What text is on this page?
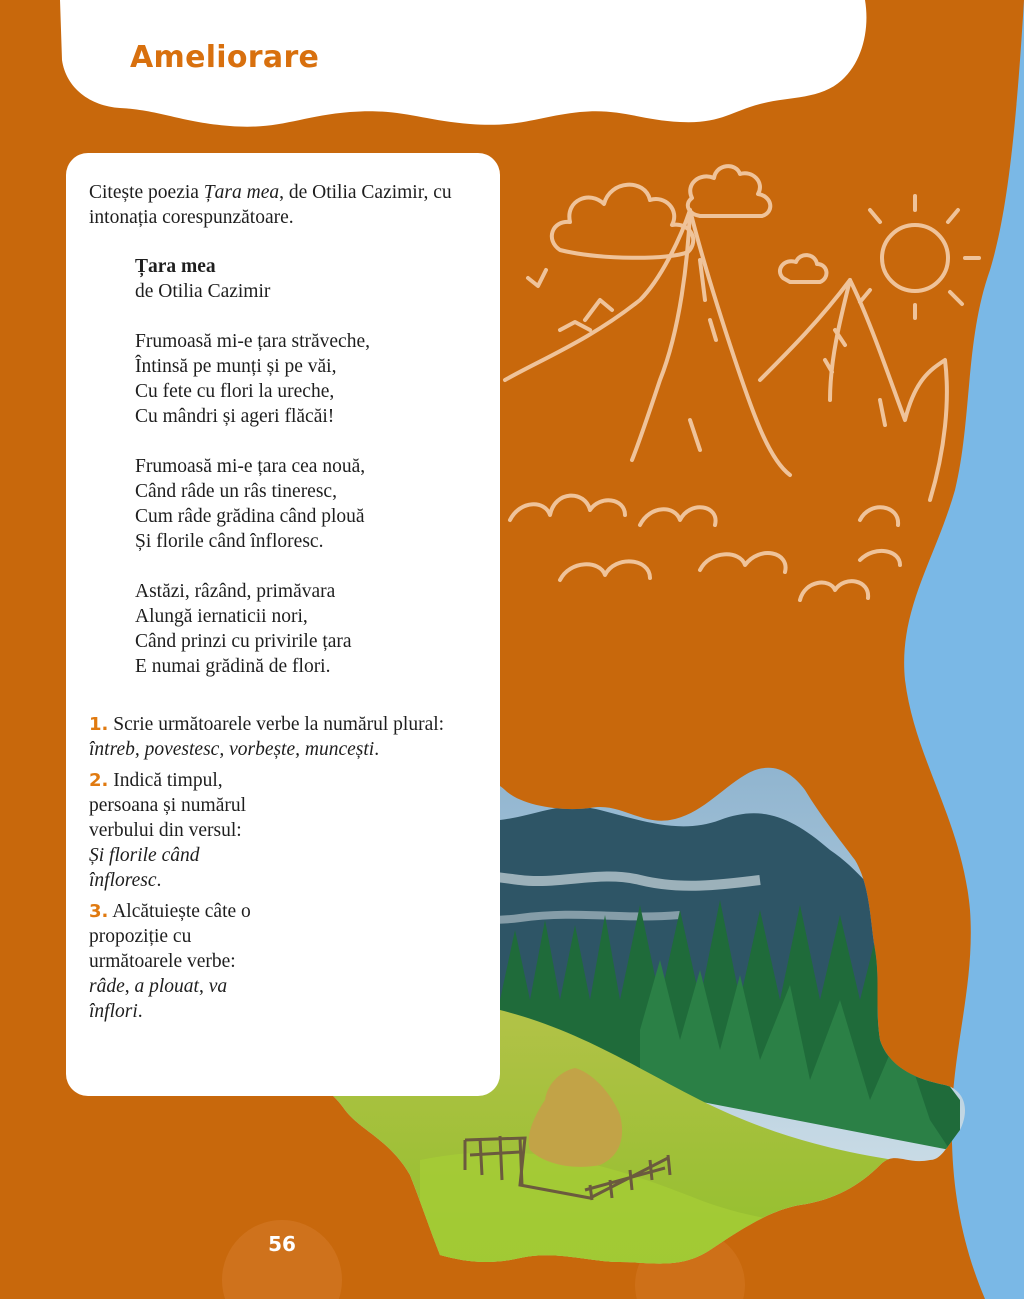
Ameliorare

Citește poezia Țara mea, de Otilia Cazimir, cu intonația corespunzătoare.

Țara mea
de Otilia Cazimir
Frumoasă mi-e țara străveche,
Întinsă pe munți și pe văi,
Cu fete cu flori la ureche,
Cu mândri și ageri flăcăi!
Frumoasă mi-e țara cea nouă,
Când râde un râs tineresc,
Cum râde grădina când plouă
Și florile când înfloresc.
Astăzi, râzând, primăvara
Alungă iernaticii nori,
Când prinzi cu privirile țara
E numai grădină de flori.
1. Scrie următoarele verbe la numărul plural: întreb, povestesc, vorbește, muncești.
2. Indică timpul, persoana și numărul verbului din versul: Și florile când înfloresc.
3. Alcătuiește câte o propoziție cu următoarele verbe: râde, a plouat, va înflori.
56
